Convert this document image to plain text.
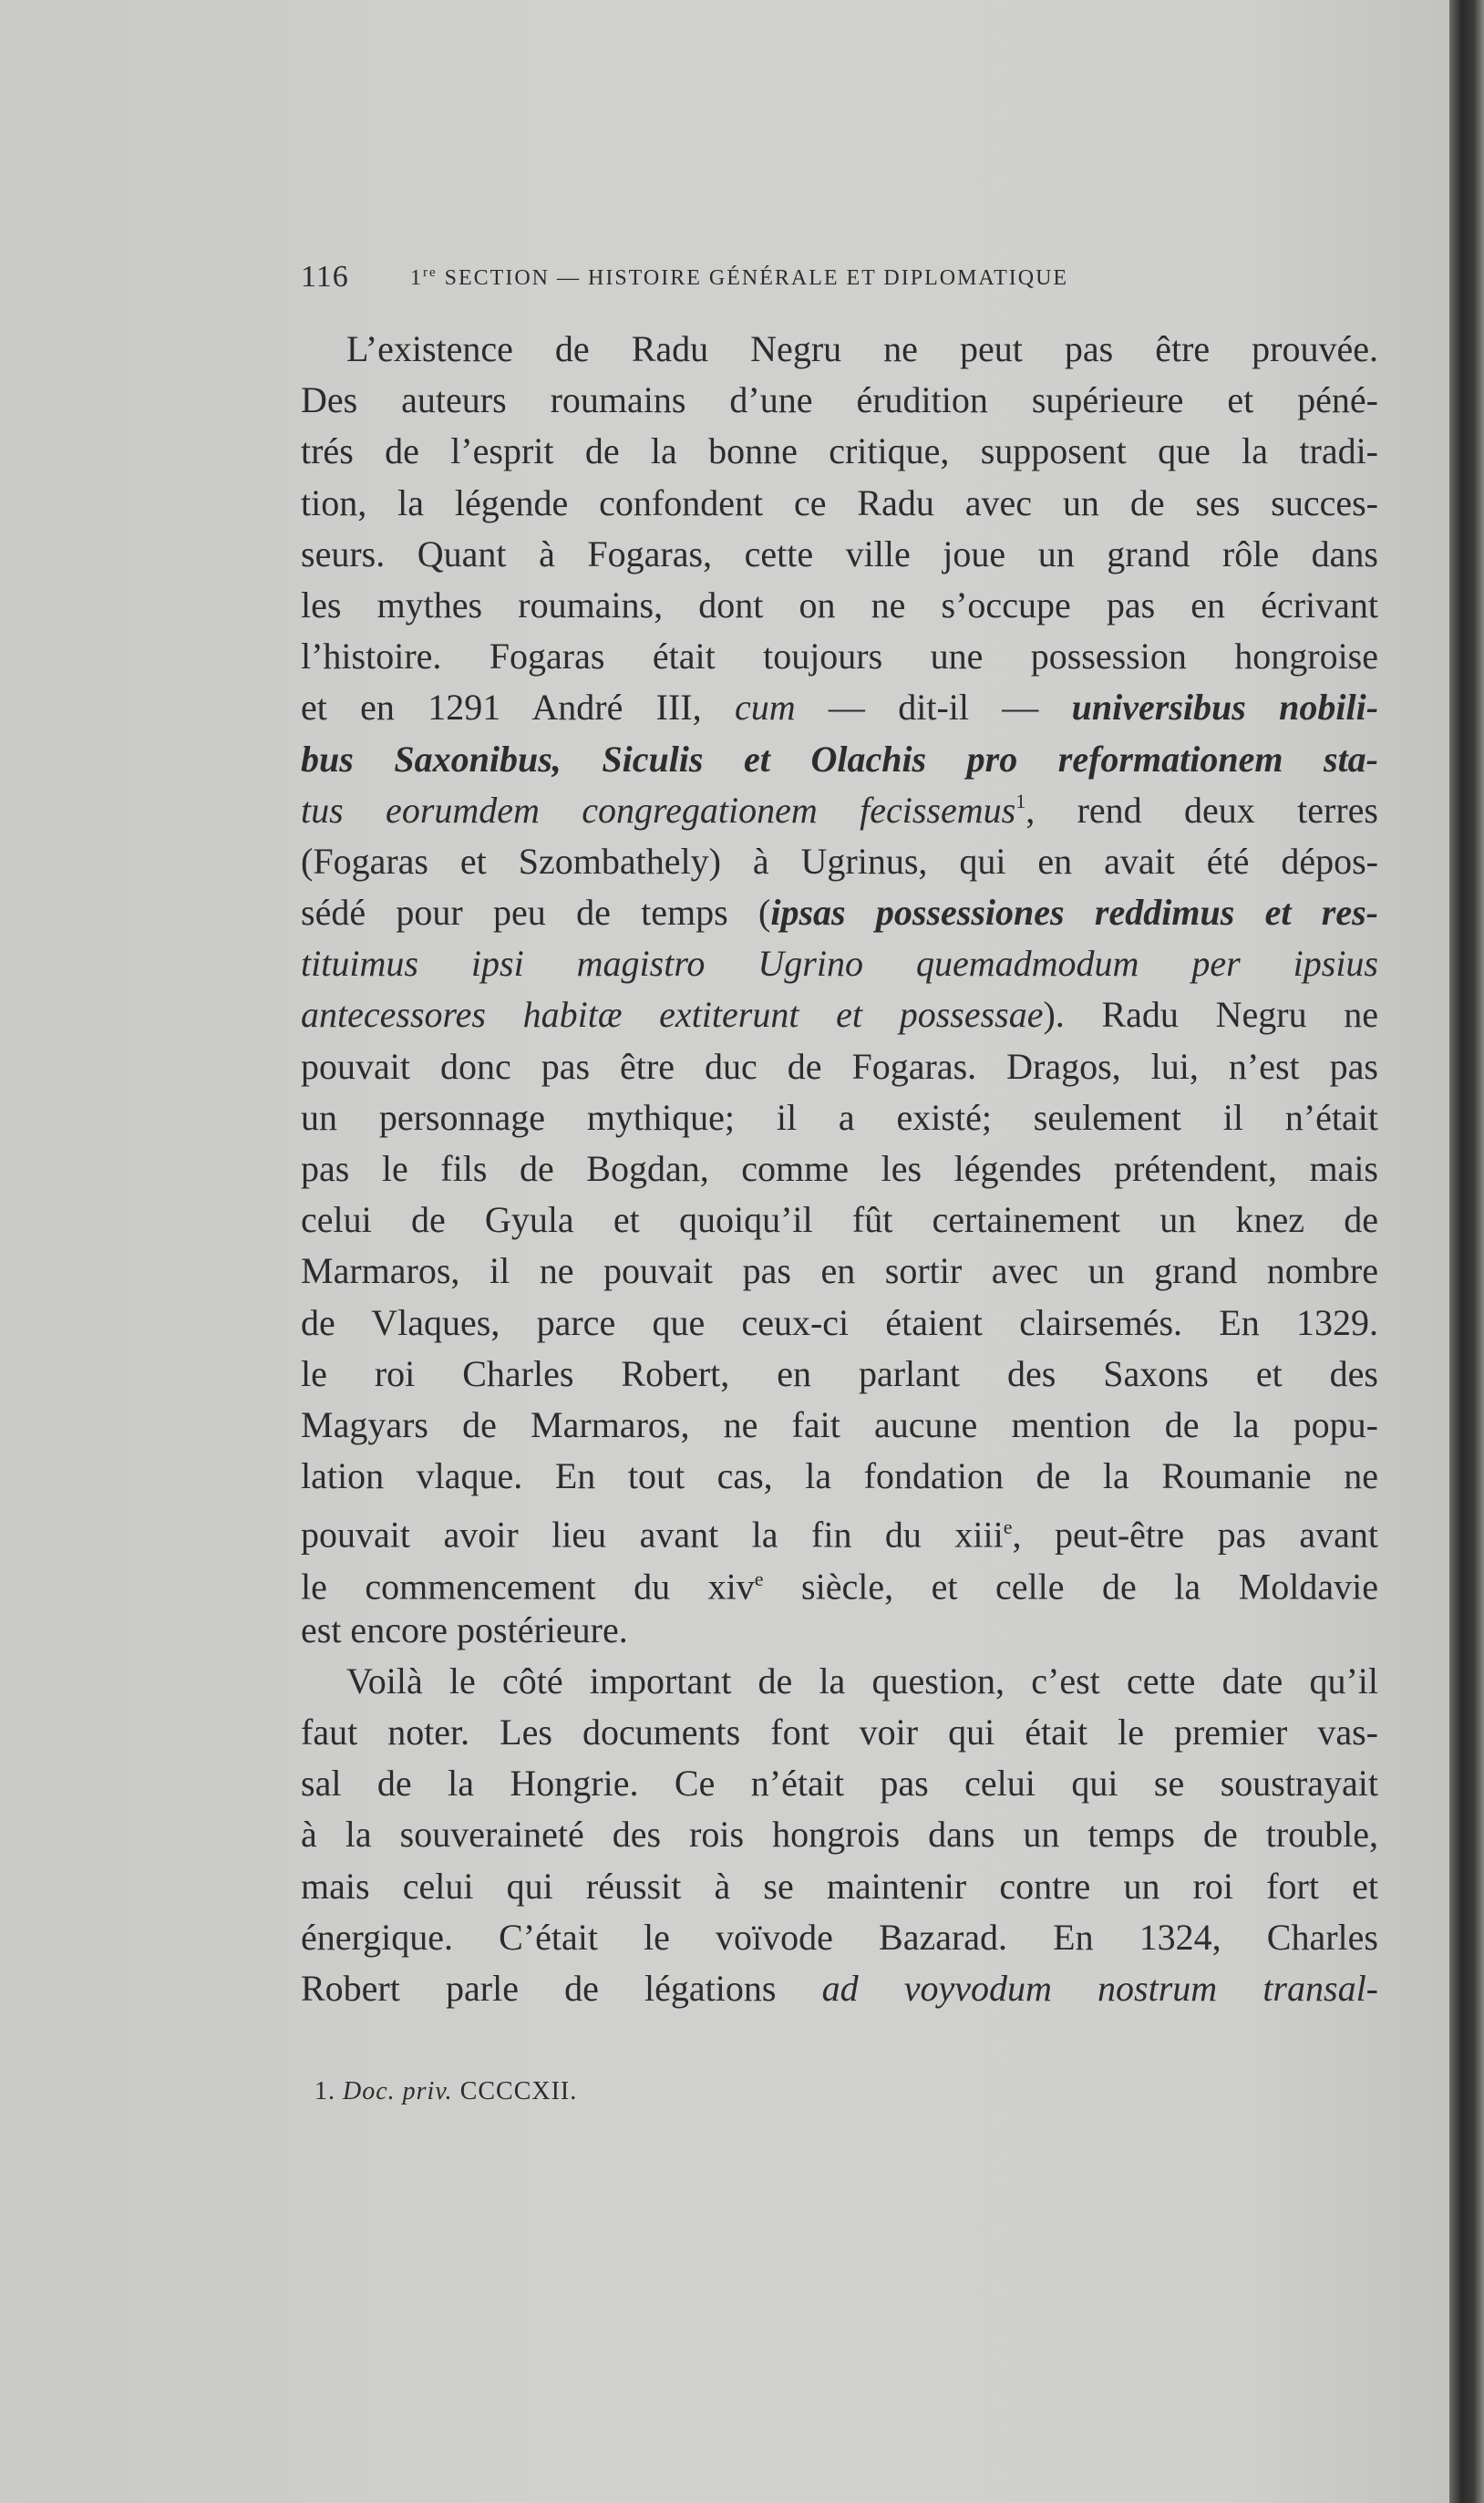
116	1re SECTION — HISTOIRE GÉNÉRALE ET DIPLOMATIQUE
L’existence de Radu Negru ne peut pas être prouvée.
Des auteurs roumains d’une érudition supérieure et péné-
trés de l’esprit de la bonne critique, supposent que la tradi-
tion, la légende confondent ce Radu avec un de ses succes-
seurs. Quant à Fogaras, cette ville joue un grand rôle dans
les mythes roumains, dont on ne s’occupe pas en écrivant
l’histoire. Fogaras était toujours une possession hongroise
et en 1291 André III, cum — dit-il — universibus nobili-
bus Saxonibus, Siculis et Olachis pro reformationem sta-
tus eorumdem congregationem fecissemus$^1$, rend deux terres
(Fogaras et Szombathely) à Ugrinus, qui en avait été dépos-
sédé pour peu de temps (ipsas possessiones reddimus et res-
tituimus ipsi magistro Ugrino quemadmodum per ipsius
antecessores habitæ extiterunt et possessae). Radu Negru ne
pouvait donc pas être duc de Fogaras. Dragos, lui, n’est pas
un personnage mythique; il a existé; seulement il n’était
pas le fils de Bogdan, comme les légendes prétendent, mais
celui de Gyula et quoiqu’il fût certainement un knez de
Marmaros, il ne pouvait pas en sortir avec un grand nombre
de Vlaques, parce que ceux-ci étaient clairsemés. En 1329.
le roi Charles Robert, en parlant des Saxons et des
Magyars de Marmaros, ne fait aucune mention de la popu-
lation vlaque. En tout cas, la fondation de la Roumanie ne
pouvait avoir lieu avant la fin du xiii$^e$, peut-être pas avant
le commencement du xiv$^e$ siècle, et celle de la Moldavie
est encore postérieure.
Voilà le côté important de la question, c’est cette date qu’il
faut noter. Les documents font voir qui était le premier vas-
sal de la Hongrie. Ce n’était pas celui qui se soustrayait
à la souveraineté des rois hongrois dans un temps de trouble,
mais celui qui réussit à se maintenir contre un roi fort et
énergique. C’était le voïvode Bazarad. En 1324, Charles
Robert parle de légations ad voyvodum nostrum transal-
1. Doc. priv. CCCCXII.
